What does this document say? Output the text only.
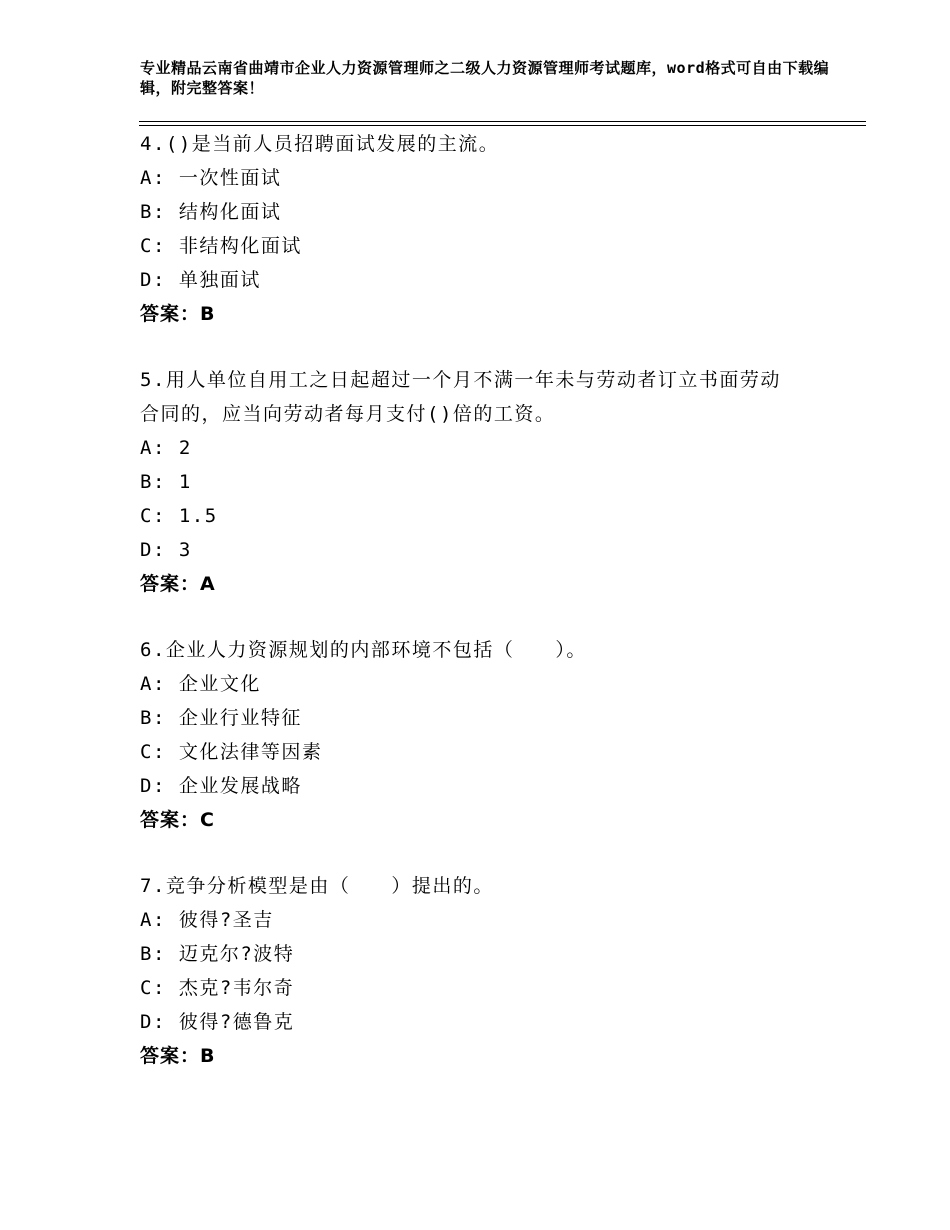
专业精品云南省曲靖市企业人力资源管理师之二级人力资源管理师考试题库，word格式可自由下载编辑，附完整答案！
4.()是当前人员招聘面试发展的主流。
A: 一次性面试
B: 结构化面试
C: 非结构化面试
D: 单独面试
答案：B
5.用人单位自用工之日起超过一个月不满一年未与劳动者订立书面劳动合同的，应当向劳动者每月支付()倍的工资。
A: 2
B: 1
C: 1.5
D: 3
答案：A
6.企业人力资源规划的内部环境不包括（　　）。
A: 企业文化
B: 企业行业特征
C: 文化法律等因素
D: 企业发展战略
答案：C
7.竞争分析模型是由（　　）提出的。
A: 彼得?圣吉
B: 迈克尔?波特
C: 杰克?韦尔奇
D: 彼得?德鲁克
答案：B
